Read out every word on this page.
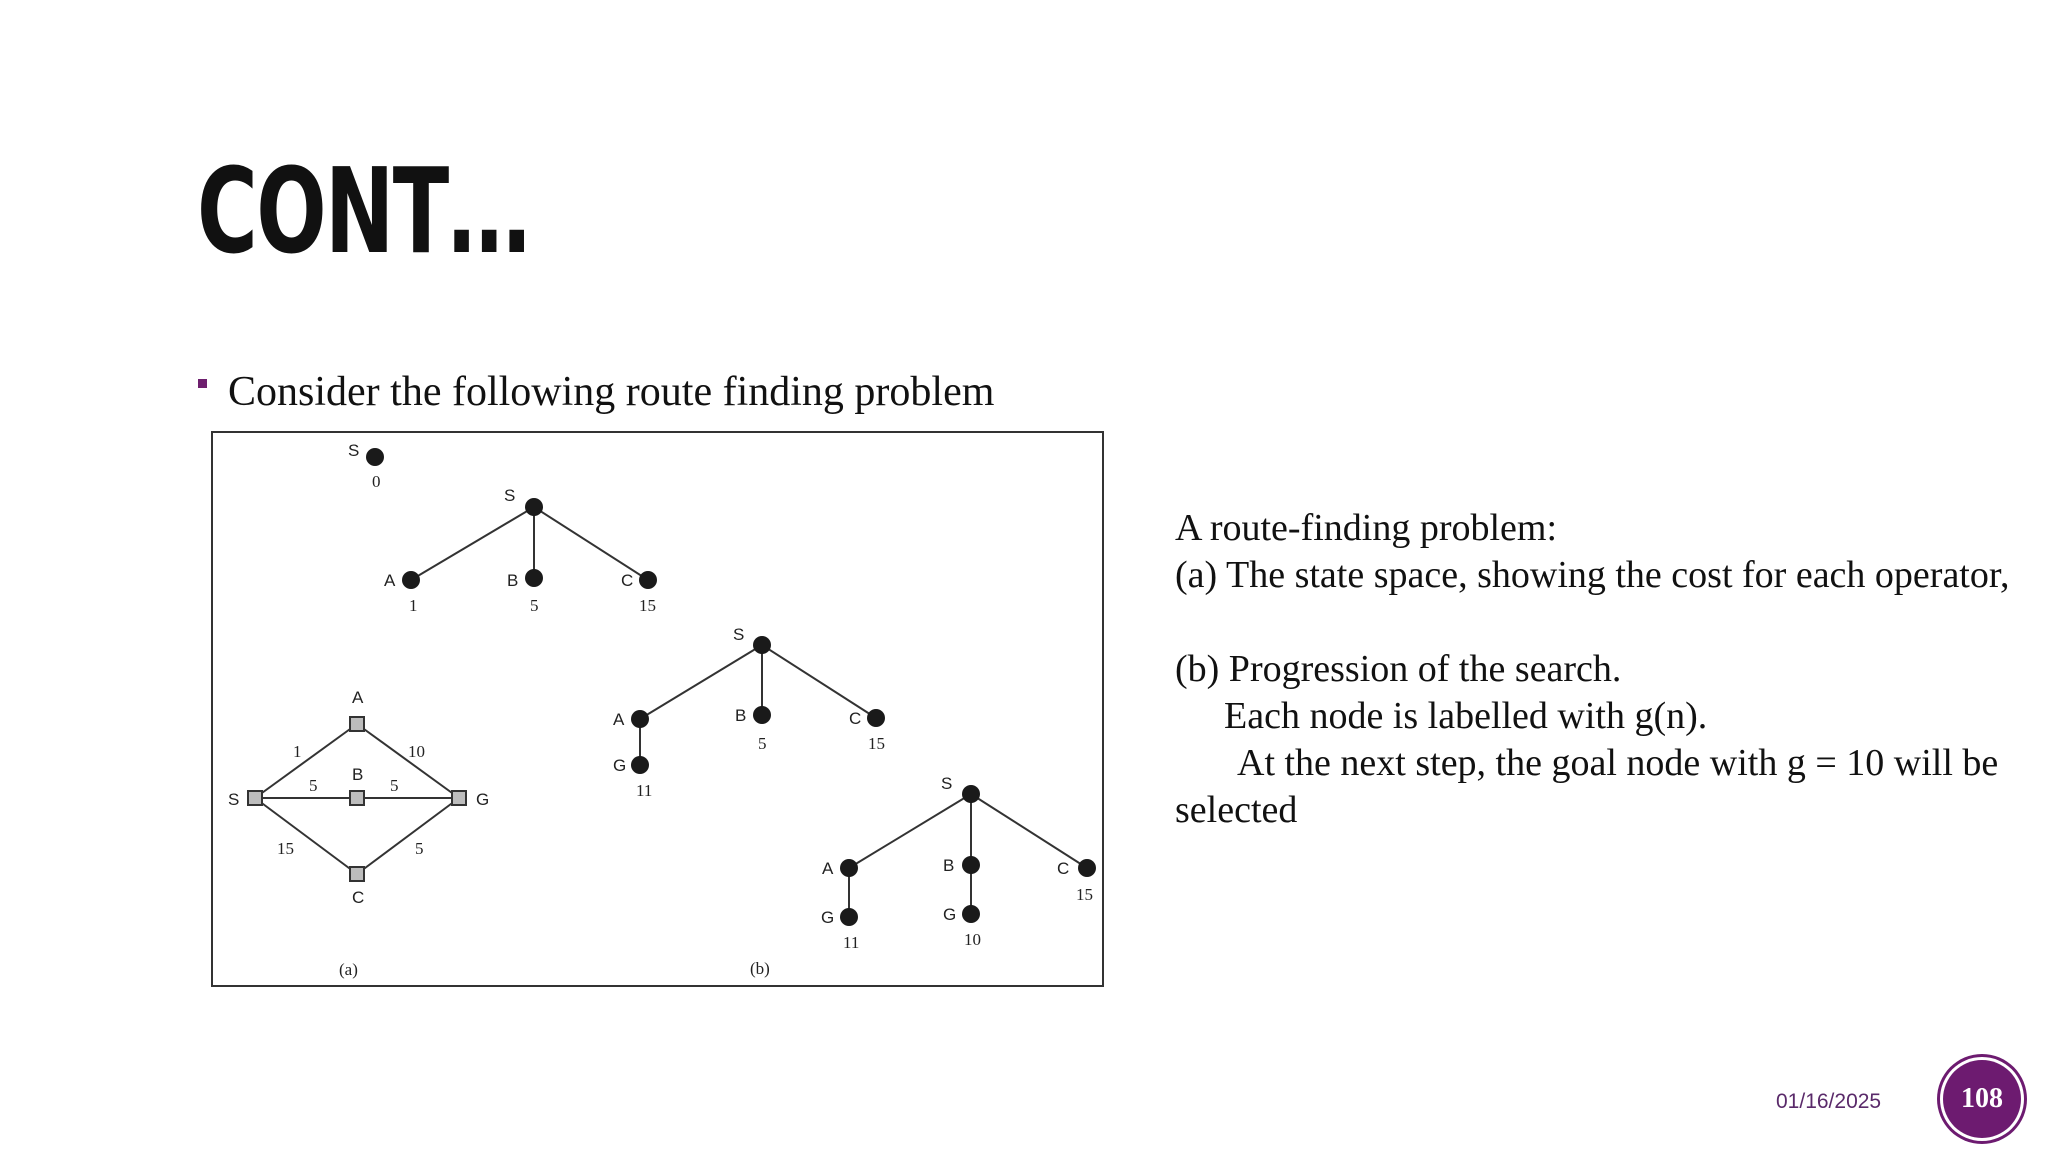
CONT…
Consider the following route finding problem
S
A
B
C
G
1	10
5	5
15	5
(a)
S
0
S
A	B	C
1	5	15
S
A	B	C
G
5	15
11	S
A	B	C
G	G
15
11	10
(b)

A route-finding problem:

(a) The state space, showing the cost for each operator,

(b) Progression of the search.

Each node is labelled with g(n).

At the next step, the goal node with g = 10 will be selected

01/16/2025	108
